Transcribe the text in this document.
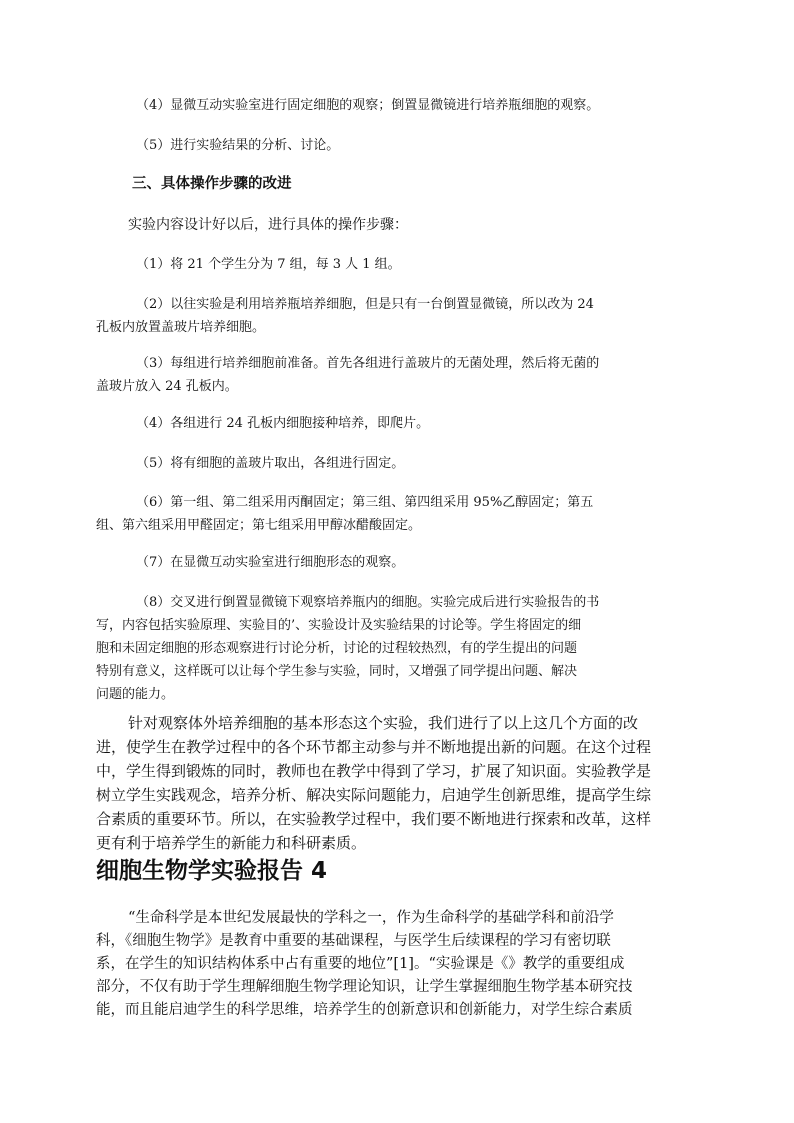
（4）显微互动实验室进行固定细胞的观察；倒置显微镜进行培养瓶细胞的观察。

（5）进行实验结果的分析、讨论。

三、具体操作步骤的改进

实验内容设计好以后，进行具体的操作步骤：

（1）将 21 个学生分为 7 组，每 3 人 1 组。

（2）以往实验是利用培养瓶培养细胞，但是只有一台倒置显微镜，所以改为 24

孔板内放置盖玻片培养细胞。

（3）每组进行培养细胞前准备。首先各组进行盖玻片的无菌处理，然后将无菌的

盖玻片放入 24 孔板内。

（4）各组进行 24 孔板内细胞接种培养，即爬片。

（5）将有细胞的盖玻片取出，各组进行固定。

（6）第一组、第二组采用丙酮固定；第三组、第四组采用 95%乙醇固定；第五

组、第六组采用甲醛固定；第七组采用甲醇冰醋酸固定。

（7）在显微互动实验室进行细胞形态的观察。

（8）交叉进行倒置显微镜下观察培养瓶内的细胞。实验完成后进行实验报告的书

写，内容包括实验原理、实验目的’、实验设计及实验结果的讨论等。学生将固定的细

胞和未固定细胞的形态观察进行讨论分析，讨论的过程较热烈，有的学生提出的问题

特别有意义，这样既可以让每个学生参与实验，同时，又增强了同学提出问题、解决

问题的能力。

针对观察体外培养细胞的基本形态这个实验，我们进行了以上这几个方面的改

进，使学生在教学过程中的各个环节都主动参与并不断地提出新的问题。在这个过程

中，学生得到锻炼的同时，教师也在教学中得到了学习，扩展了知识面。实验教学是

树立学生实践观念，培养分析、解决实际问题能力，启迪学生创新思维，提高学生综

合素质的重要环节。所以，在实验教学过程中，我们要不断地进行探索和改革，这样

更有利于培养学生的新能力和科研素质。

细胞生物学实验报告 4

“生命科学是本世纪发展最快的学科之一，作为生命科学的基础学科和前沿学

科，《细胞生物学》是教育中重要的基础课程，与医学生后续课程的学习有密切联

系，在学生的知识结构体系中占有重要的地位”[1]。“实验课是《》教学的重要组成

部分，不仅有助于学生理解细胞生物学理论知识，让学生掌握细胞生物学基本研究技

能，而且能启迪学生的科学思维，培养学生的创新意识和创新能力，对学生综合素质
